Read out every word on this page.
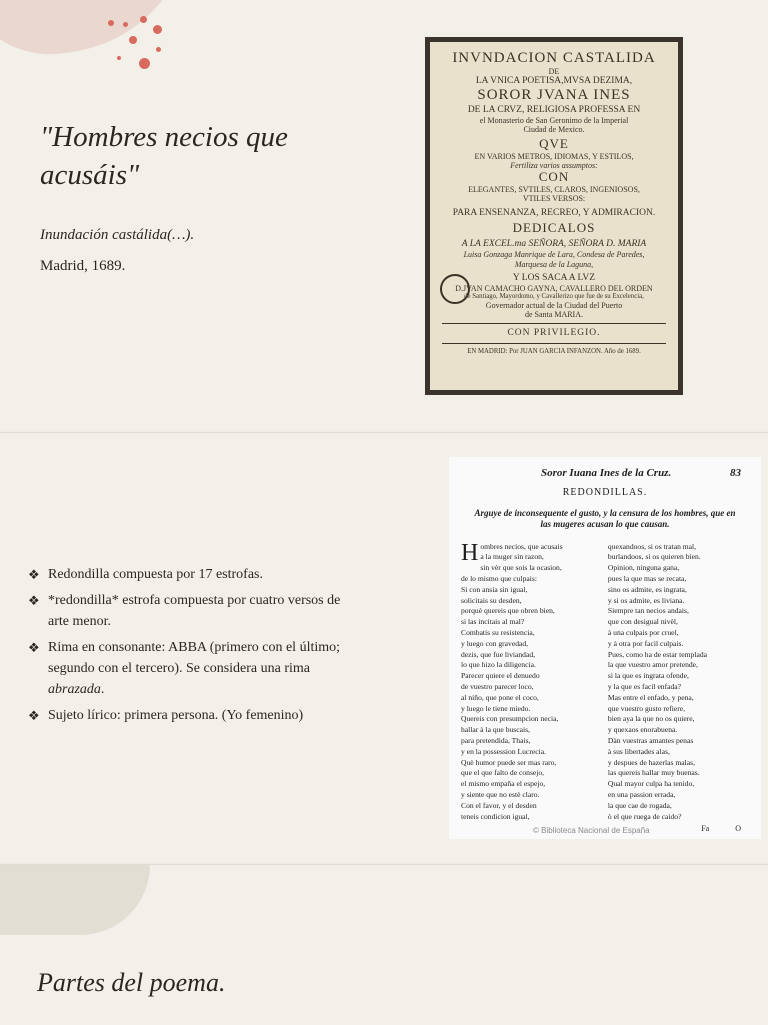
"Hombres necios que acusáis"
Inundación castálida(…).
Madrid, 1689.

INVNDACION CASTALIDA

DE

LA VNICA POETISA,MVSA DEZIMA,

SOROR JVANA INES

DE LA CRVZ, RELIGIOSA PROFESSA EN

el Monasterio de San Geronimo de la Imperial

Ciudad de Mexico.

QVE

EN VARIOS METROS, IDIOMAS, Y ESTILOS,

Fertiliza varios assumptos:

CON

ELEGANTES, SVTILES, CLAROS, INGENIOSOS,

VTILES VERSOS:

PARA ENSENANZA, RECREO, Y ADMIRACION.

DEDICALOS

A LA EXCEL.ma SEÑORA, SEÑORA D. MARIA

Luisa Gonzaga Manrique de Lara, Condesa de Paredes,

Marquesa de la Laguna,

Y LOS SACA A LVZ

D.JVAN CAMACHO GAYNA, CAVALLERO DEL ORDEN

de Santiago, Mayordomo, y Cavallerizo que fue de su Excelencia,

Governador actual de la Ciudad del Puerto

de Santa MARIA.

CON PRIVILEGIO.

EN MADRID: Por JUAN GARCIA INFANZON. Año de 1689.

❖ Redondilla compuesta por 17 estrofas.
❖ *redondilla* estrofa compuesta por cuatro versos de arte menor.
❖ Rima en consonante: ABBA (primero con el último; segundo con el tercero). Se considera una rima abrazada.
❖ Sujeto lírico: primera persona. (Yo femenino)
Soror Iuana Ines de la Cruz.	83
REDONDILLAS.
Arguye de inconsequente el gusto, y la censura de los hombres, que en las mugeres acusan lo que causan.
H ombres necios, que acusais

a la muger sin razon,

sin vèr que sois la ocasion,

de lo mismo que culpais:

Si con ansia sin igual,

solicitais su desden,

porquè quereis que obren bien,

si las incitais al mal?

Combatis su resistencia,

y luego con gravedad,

dezis, que fue liviandad,

lo que hizo la diligencia.

Parecer quiere el denuedo

de vuestro parecer loco,

al niño, que pone el coco,

y luego le tiene miedo.

Quereis con presumpcion necia,

hallar à la que buscais,

para pretendida, Thais,

y en la possession Lucrecia.

Què humor puede ser mas raro,

que el que falto de consejo,

el mismo empaña el espejo,

y siente que no estè claro.

Con el favor, y el desden

teneis condicion igual,

quexandoos, si os tratan mal,

burlandoos, si os quieren bien.

Opinion, ninguna gana,

pues la que mas se recata,

sino os admite, es ingrata,

y si os admite, es liviana.

Siempre tan necios andais,

que con desigual nivèl,

à una culpais por cruel,

y à otra por facil culpais.

Pues, como ha de estar templada

la que vuestro amor pretende,

si la que es ingrata ofende,

y la que es facil enfada?

Mas entre el enfado, y pena,

que vuestro gusto refiere,

bien aya la que no os quiere,

y quexaos enorabuena.

Dàn vuestras amantes penas

à sus libertades alas,

y despues de hazerlas malas,

las quereis hallar muy buenas.

Qual mayor culpa ha tenido,

en una passion errada,

la que cae de rogada,

ò el que ruega de caido?

Fa	O
© Biblioteca Nacional de España
Partes del poema.
